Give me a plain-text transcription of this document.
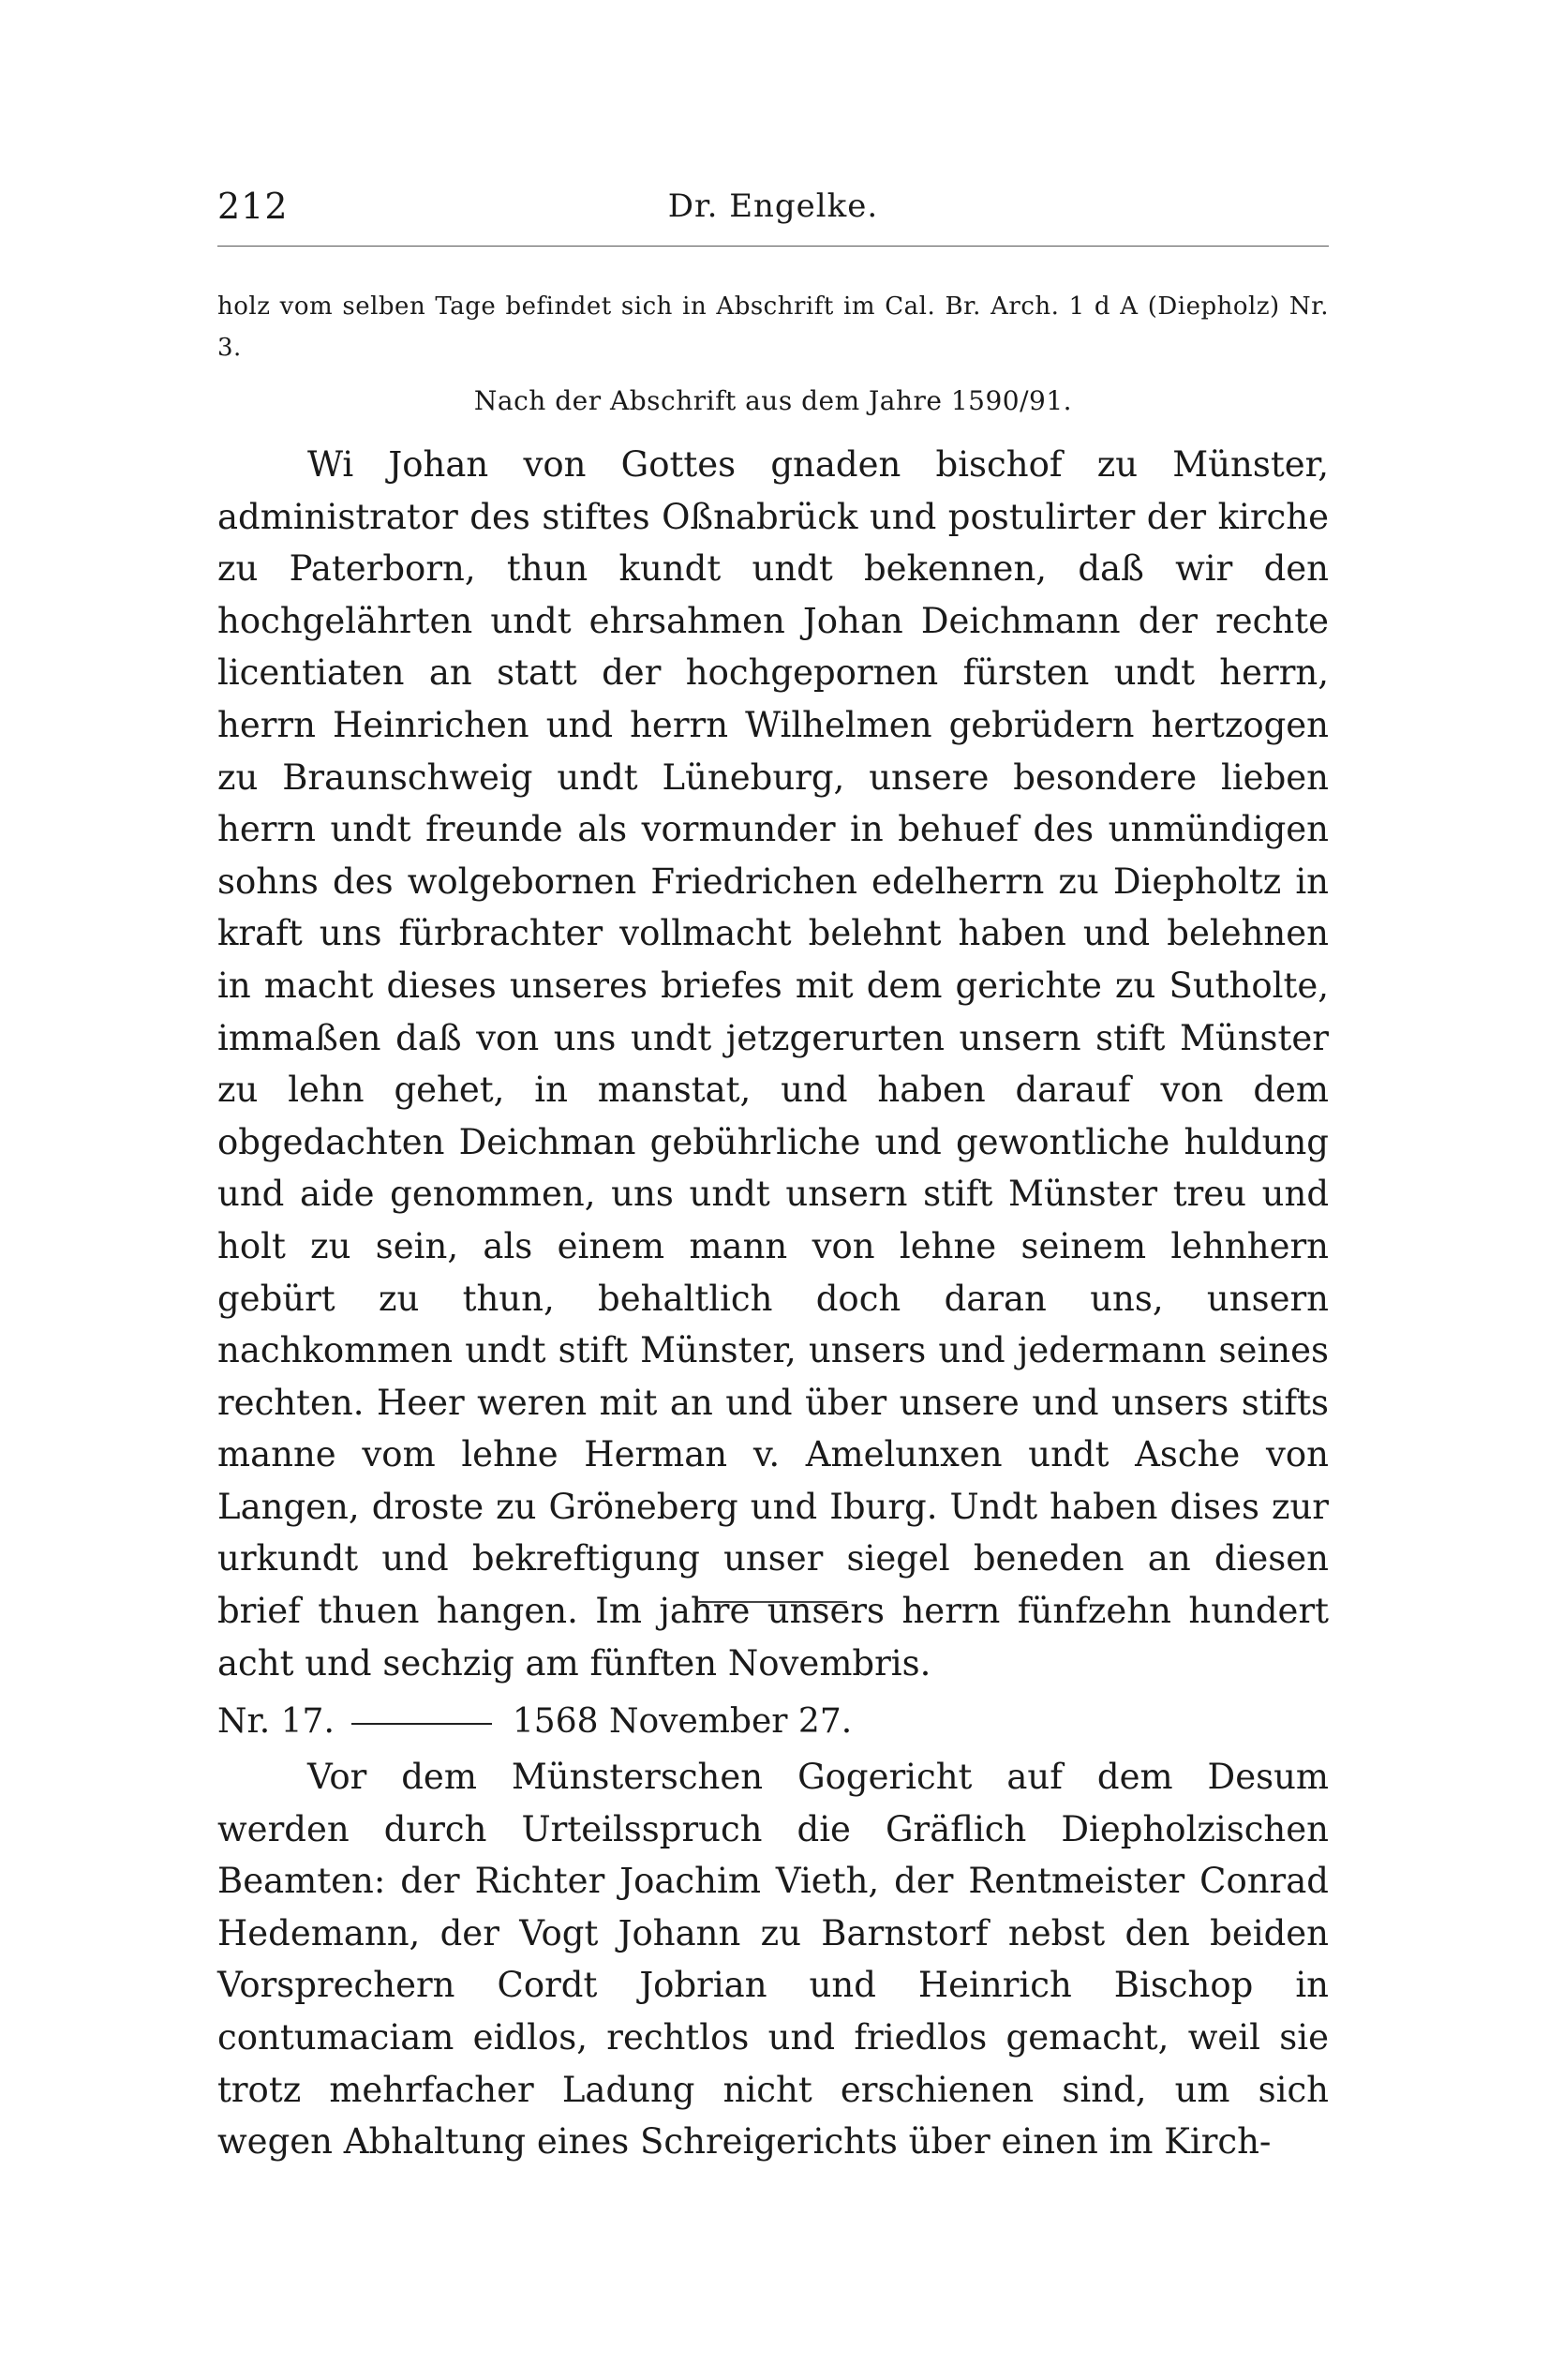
212	Dr. Engelke.
holz vom selben Tage befindet sich in Abschrift im Cal. Br. Arch. 1 d A (Diepholz) Nr. 3.
Nach der Abschrift aus dem Jahre 1590/91.

Wi Johan von Gottes gnaden bischof zu Münster, administrator des stiftes Oßnabrück und postulirter der kirche zu Paterborn, thun kundt undt bekennen, daß wir den hochgelährten undt ehrsahmen Johan Deichmann der rechte licentiaten an statt der hochgepornen fürsten undt herrn, herrn Heinrichen und herrn Wilhelmen gebrüdern hertzogen zu Braunschweig undt Lüneburg, unsere besondere lieben herrn undt freunde als vormunder in behuef des unmündigen sohns des wolgebornen Friedrichen edelherrn zu Diepholtz in kraft uns fürbrachter vollmacht belehnt haben und belehnen in macht dieses unseres briefes mit dem gerichte zu Sutholte, immaßen daß von uns undt jetzgerurten unsern stift Münster zu lehn gehet, in manstat, und haben darauf von dem obgedachten Deichman gebührliche und gewontliche huldung und aide genommen, uns undt unsern stift Münster treu und holt zu sein, als einem mann von lehne seinem lehnhern gebürt zu thun, behaltlich doch daran uns, unsern nachkommen undt stift Münster, unsers und jedermann seines rechten. Heer weren mit an und über unsere und unsers stifts manne vom lehne Herman v. Amelunxen undt Asche von Langen, droste zu Gröneberg und Iburg. Undt haben dises zur urkundt und bekreftigung unser siegel beneden an diesen brief thuen hangen. Im jahre unsers herrn fünfzehn hundert acht und sechzig am fünften Novembris.

Nr. 17.	1568 November 27.

Vor dem Münsterschen Gogericht auf dem Desum werden durch Urteilsspruch die Gräflich Diepholzischen Beamten: der Richter Joachim Vieth, der Rentmeister Conrad Hedemann, der Vogt Johann zu Barnstorf nebst den beiden Vorsprechern Cordt Jobrian und Heinrich Bischop in contumaciam eidlos, rechtlos und friedlos gemacht, weil sie trotz mehrfacher Ladung nicht erschienen sind, um sich wegen Abhaltung eines Schreigerichts über einen im Kirch-
